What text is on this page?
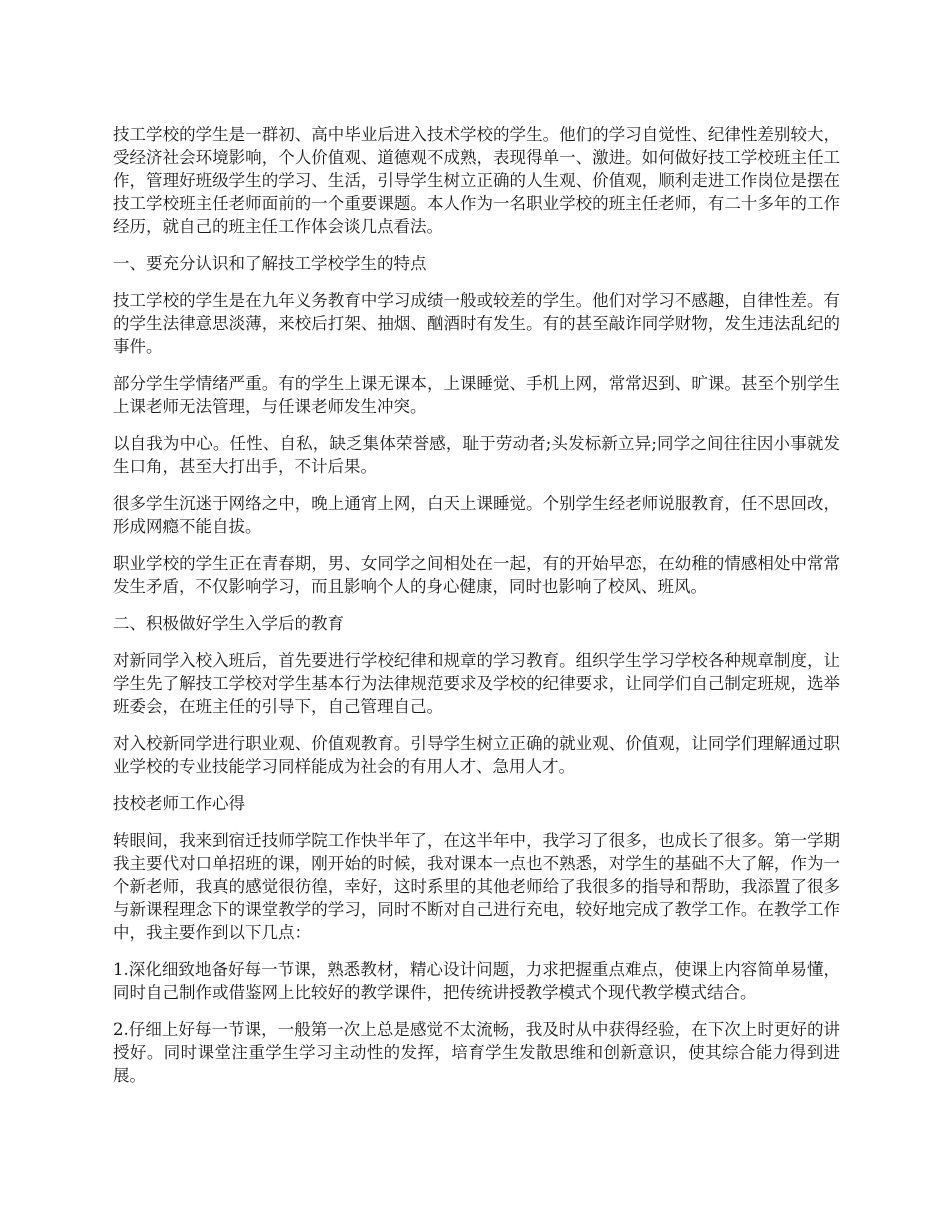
技工学校的学生是一群初、高中毕业后进入技术学校的学生。他们的学习自觉性、纪律性差别较大，受经济社会环境影响，个人价值观、道德观不成熟，表现得单一、激进。如何做好技工学校班主任工作，管理好班级学生的学习、生活，引导学生树立正确的人生观、价值观，顺利走进工作岗位是摆在技工学校班主任老师面前的一个重要课题。本人作为一名职业学校的班主任老师，有二十多年的工作经历，就自己的班主任工作体会谈几点看法。

一、要充分认识和了解技工学校学生的特点

技工学校的学生是在九年义务教育中学习成绩一般或较差的学生。他们对学习不感趣，自律性差。有的学生法律意思淡薄，来校后打架、抽烟、酗酒时有发生。有的甚至敲诈同学财物，发生违法乱纪的事件。

部分学生学情绪严重。有的学生上课无课本，上课睡觉、手机上网，常常迟到、旷课。甚至个别学生上课老师无法管理，与任课老师发生冲突。

以自我为中心。任性、自私，缺乏集体荣誉感，耻于劳动者;头发标新立异;同学之间往往因小事就发生口角，甚至大打出手，不计后果。

很多学生沉迷于网络之中，晚上通宵上网，白天上课睡觉。个别学生经老师说服教育，任不思回改，形成网瘾不能自拔。

职业学校的学生正在青春期，男、女同学之间相处在一起，有的开始早恋，在幼稚的情感相处中常常发生矛盾，不仅影响学习，而且影响个人的身心健康，同时也影响了校风、班风。

二、积极做好学生入学后的教育

对新同学入校入班后，首先要进行学校纪律和规章的学习教育。组织学生学习学校各种规章制度，让学生先了解技工学校对学生基本行为法律规范要求及学校的纪律要求，让同学们自己制定班规，选举班委会，在班主任的引导下，自己管理自己。

对入校新同学进行职业观、价值观教育。引导学生树立正确的就业观、价值观，让同学们理解通过职业学校的专业技能学习同样能成为社会的有用人才、急用人才。

技校老师工作心得

转眼间，我来到宿迁技师学院工作快半年了，在这半年中，我学习了很多，也成长了很多。第一学期我主要代对口单招班的课，刚开始的时候，我对课本一点也不熟悉，对学生的基础不大了解，作为一个新老师，我真的感觉很彷徨，幸好，这时系里的其他老师给了我很多的指导和帮助，我添置了很多与新课程理念下的课堂教学的学习，同时不断对自己进行充电，较好地完成了教学工作。在教学工作中，我主要作到以下几点：

1.深化细致地备好每一节课，熟悉教材，精心设计问题，力求把握重点难点，使课上内容简单易懂，同时自己制作或借鉴网上比较好的教学课件，把传统讲授教学模式个现代教学模式结合。

2.仔细上好每一节课，一般第一次上总是感觉不太流畅，我及时从中获得经验，在下次上时更好的讲授好。同时课堂注重学生学习主动性的发挥，培育学生发散思维和创新意识，使其综合能力得到进展。
